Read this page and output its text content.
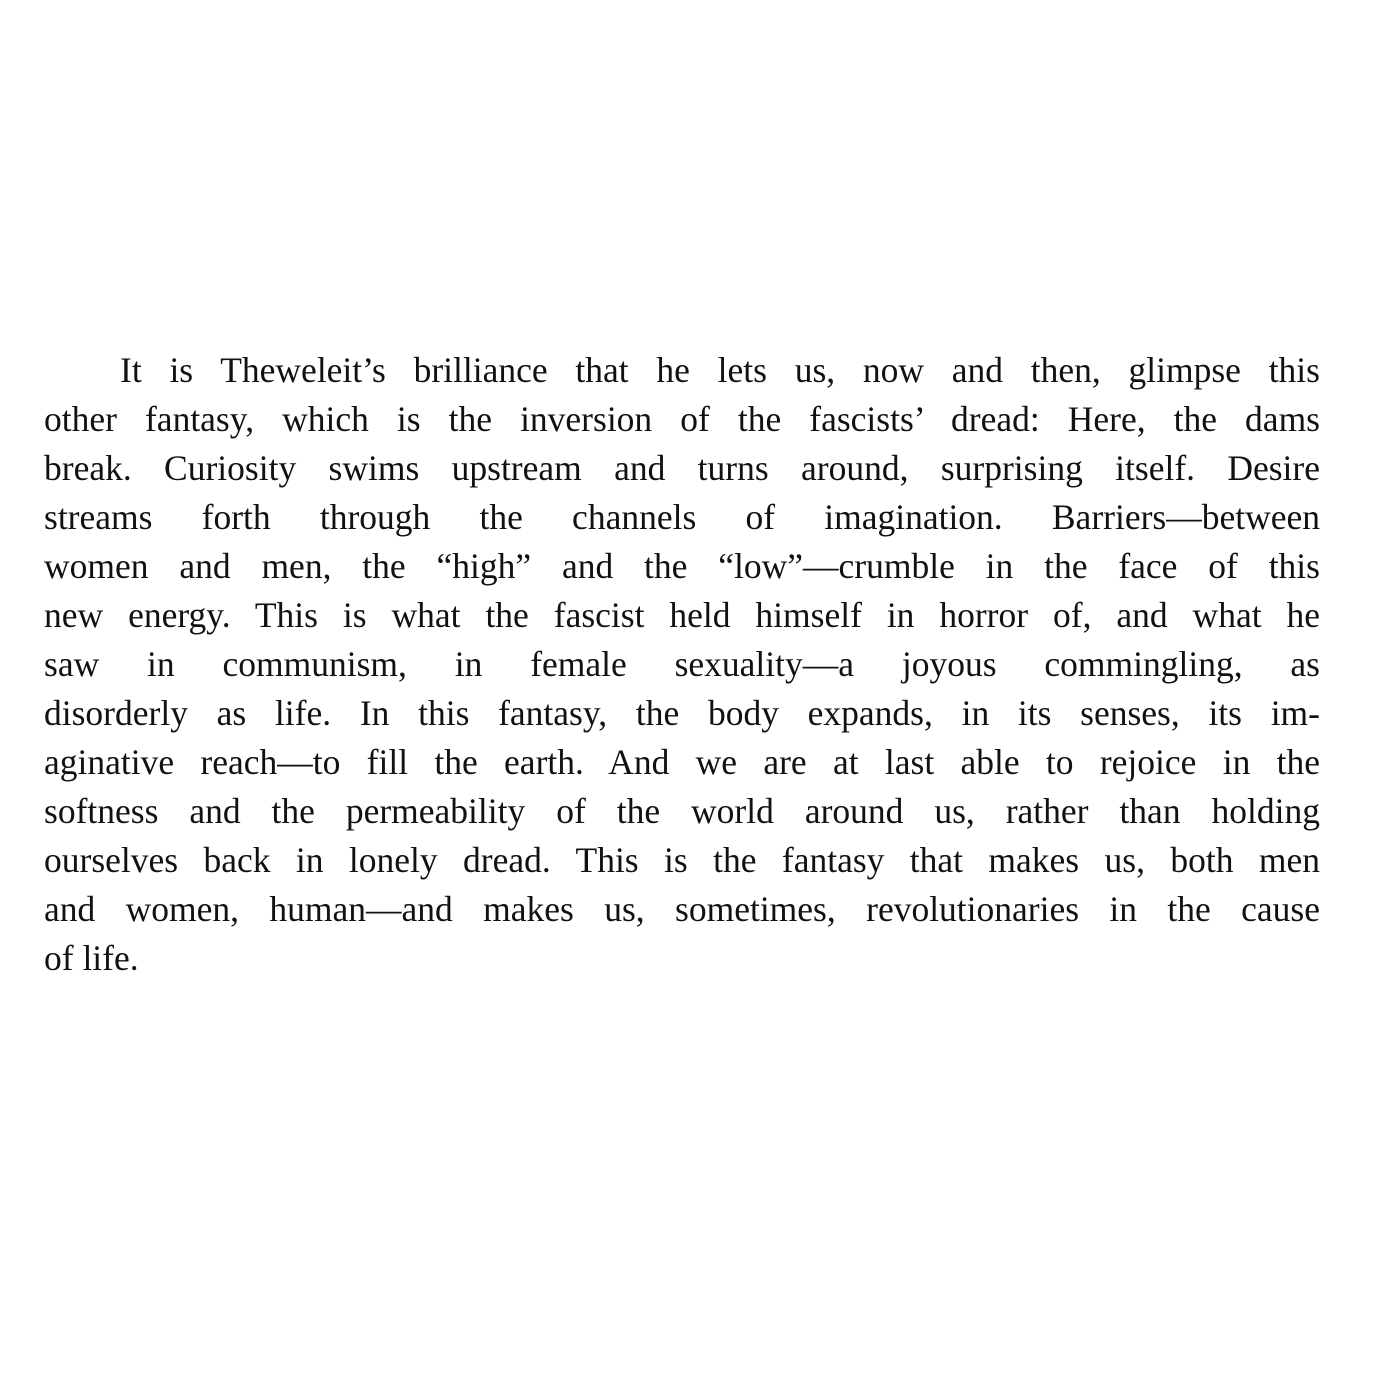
It is Theweleit’s brilliance that he lets us, now and then, glimpse this
other fantasy, which is the inversion of the fascists’ dread: Here, the dams
break. Curiosity swims upstream and turns around, surprising itself. Desire
streams forth through the channels of imagination. Barriers—between
women and men, the “high” and the “low”—crumble in the face of this
new energy. This is what the fascist held himself in horror of, and what he
saw in communism, in female sexuality—a joyous commingling, as
disorderly as life. In this fantasy, the body expands, in its senses, its im-
aginative reach—to fill the earth. And we are at last able to rejoice in the
softness and the permeability of the world around us, rather than holding
ourselves back in lonely dread. This is the fantasy that makes us, both men
and women, human—and makes us, sometimes, revolutionaries in the cause
of life.
